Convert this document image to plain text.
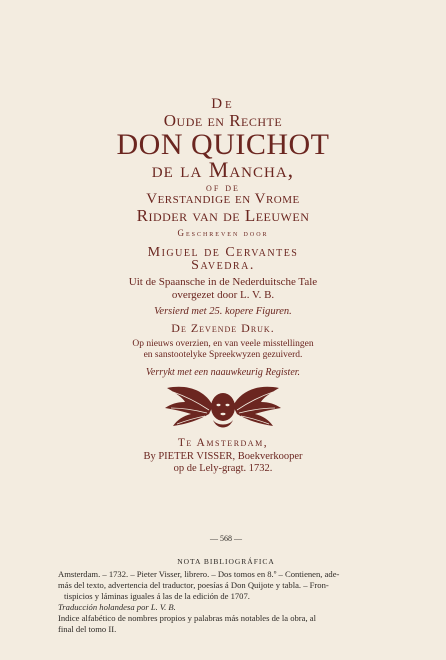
De
Oude en Rechte
DON QUICHOT
de la Mancha,
of de
Verstandige en Vrome
Ridder van de Leeuwen
Geschreven door
Miguel de Cervantes
Savedra.
Uit de Spaansche in de Nederduitsche Tale
overgezet door L. V. B.
Versierd met 25. kopere Figuren.
De Zevende Druk.
Op nieuws overzien, en van veele misstellingen
en sanstootelyke Spreekwyzen gezuiverd.
Verrykt met een naauwkeurig Register.
Te Amsterdam,
By PIETER VISSER, Boekverkooper
op de Lely-gragt. 1732.
— 568 —
NOTA BIBLIOGRÁFICA
Amsterdam. – 1732. – Pieter Visser, librero. – Dos tomos en 8.º – Contienen, ade-
más del texto, advertencia del traductor, poesías á Don Quijote y tabla. – Fron-
tispicios y láminas iguales á las de la edición de 1707.
Traducción holandesa por L. V. B.
Indice alfabético de nombres propios y palabras más notables de la obra, al
final del tomo II.
